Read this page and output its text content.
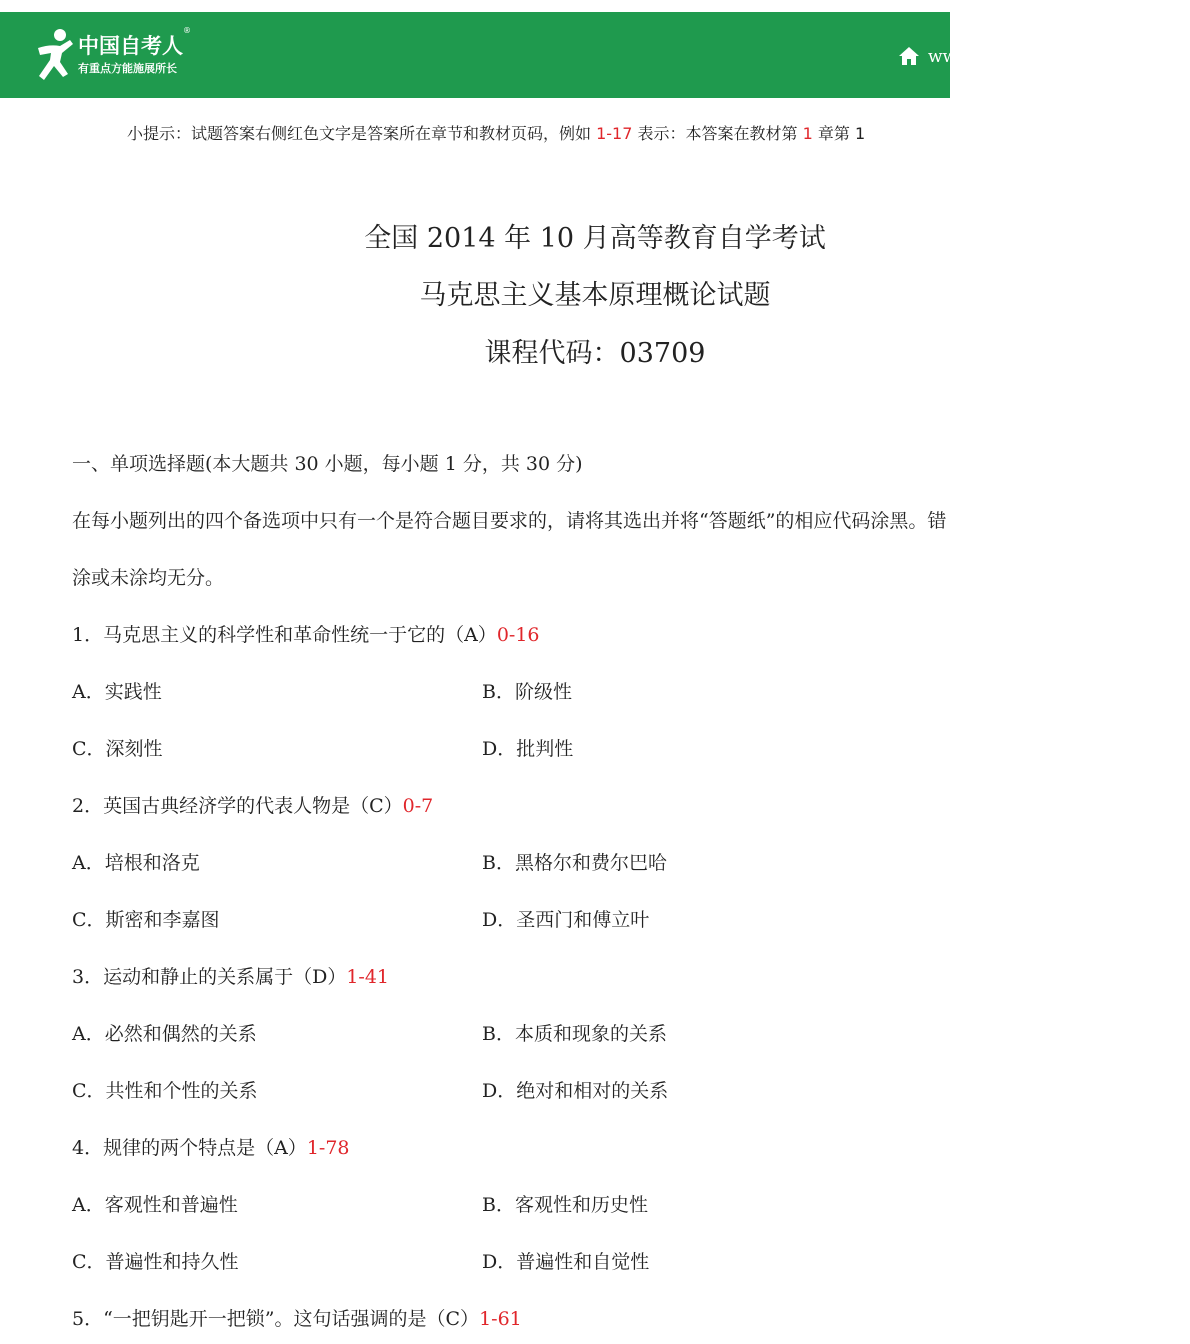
中国自考人
®
有重点方能施展所长
www.zk
小提示：试题答案右侧红色文字是答案所在章节和教材页码，例如 1-17 表示：本答案在教材第 1 章第 1
全国 2014 年 10 月高等教育自学考试
马克思主义基本原理概论试题
课程代码：03709
一、单项选择题(本大题共 30 小题，每小题 1 分，共 30 分)
在每小题列出的四个备选项中只有一个是符合题目要求的，请将其选出并将“答题纸”的相应代码涂黑。错
涂或未涂均无分。
1．马克思主义的科学性和革命性统一于它的（A）0-16
A．实践性	B．阶级性
C．深刻性	D．批判性
2．英国古典经济学的代表人物是（C）0-7
A．培根和洛克	B．黑格尔和费尔巴哈
C．斯密和李嘉图	D．圣西门和傅立叶
3．运动和静止的关系属于（D）1-41
A．必然和偶然的关系	B．本质和现象的关系
C．共性和个性的关系	D．绝对和相对的关系
4．规律的两个特点是（A）1-78
A．客观性和普遍性	B．客观性和历史性
C．普遍性和持久性	D．普遍性和自觉性
5．“一把钥匙开一把锁”。这句话强调的是（C）1-61
